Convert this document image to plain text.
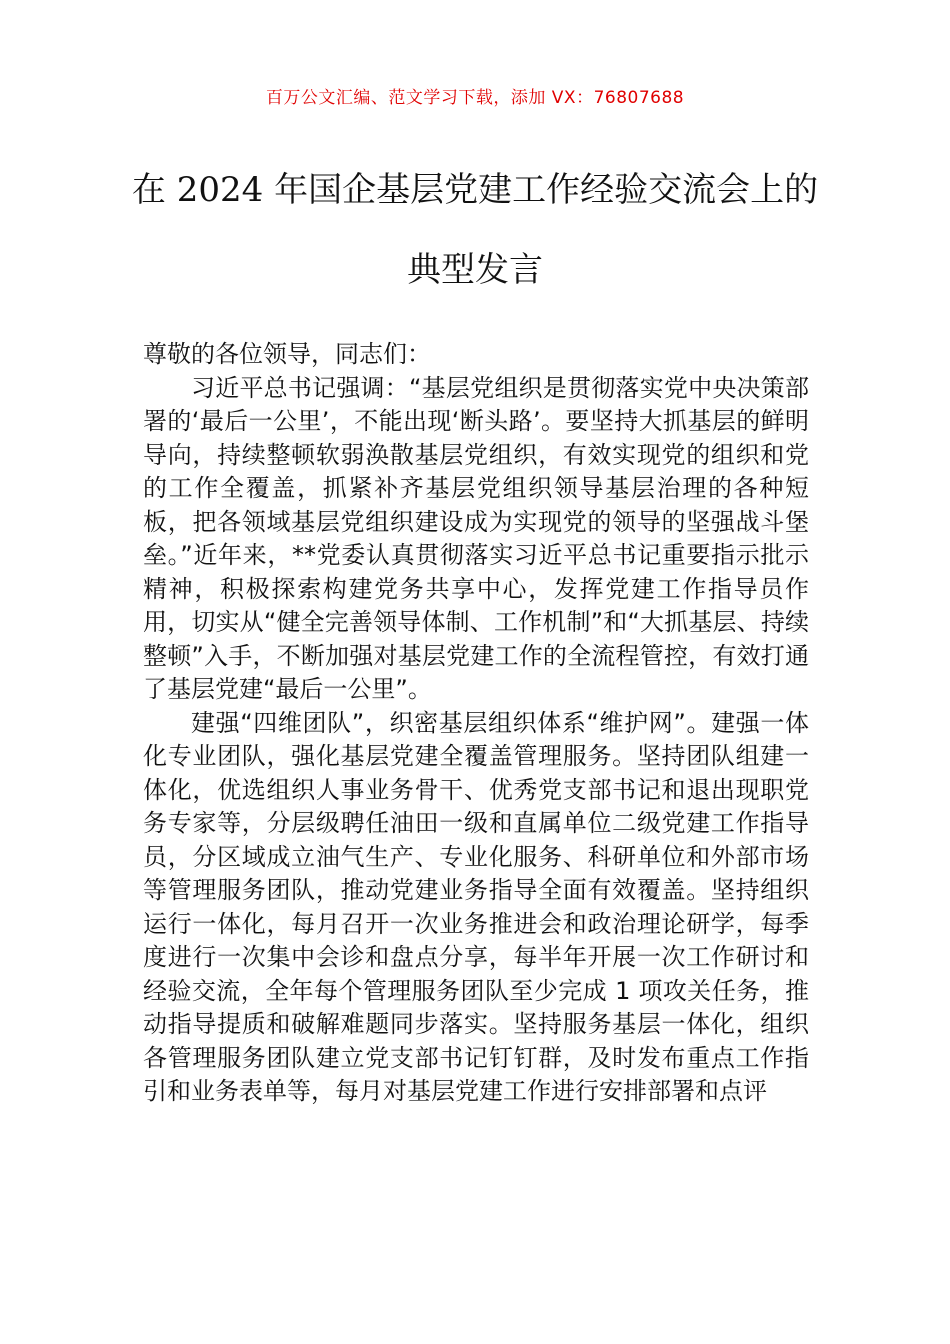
百万公文汇编、范文学习下载，添加 VX：76807688
在 2024 年国企基层党建工作经验交流会上的典型发言

尊敬的各位领导，同志们：

习近平总书记强调：“基层党组织是贯彻落实党中央决策部署的‘最后一公里’，不能出现‘断头路’。要坚持大抓基层的鲜明导向，持续整顿软弱涣散基层党组织，有效实现党的组织和党的工作全覆盖，抓紧补齐基层党组织领导基层治理的各种短板，把各领域基层党组织建设成为实现党的领导的坚强战斗堡垒。”近年来，**党委认真贯彻落实习近平总书记重要指示批示精神，积极探索构建党务共享中心，发挥党建工作指导员作用，切实从“健全完善领导体制、工作机制”和“大抓基层、持续整顿”入手，不断加强对基层党建工作的全流程管控，有效打通了基层党建“最后一公里”。

建强“四维团队”，织密基层组织体系“维护网”。建强一体化专业团队，强化基层党建全覆盖管理服务。坚持团队组建一体化，优选组织人事业务骨干、优秀党支部书记和退出现职党务专家等，分层级聘任油田一级和直属单位二级党建工作指导员，分区域成立油气生产、专业化服务、科研单位和外部市场等管理服务团队，推动党建业务指导全面有效覆盖。坚持组织运行一体化，每月召开一次业务推进会和政治理论研学，每季度进行一次集中会诊和盘点分享，每半年开展一次工作研讨和经验交流，全年每个管理服务团队至少完成 1 项攻关任务，推动指导提质和破解难题同步落实。坚持服务基层一体化，组织各管理服务团队建立党支部书记钉钉群，及时发布重点工作指引和业务表单等，每月对基层党建工作进行安排部署和点评
